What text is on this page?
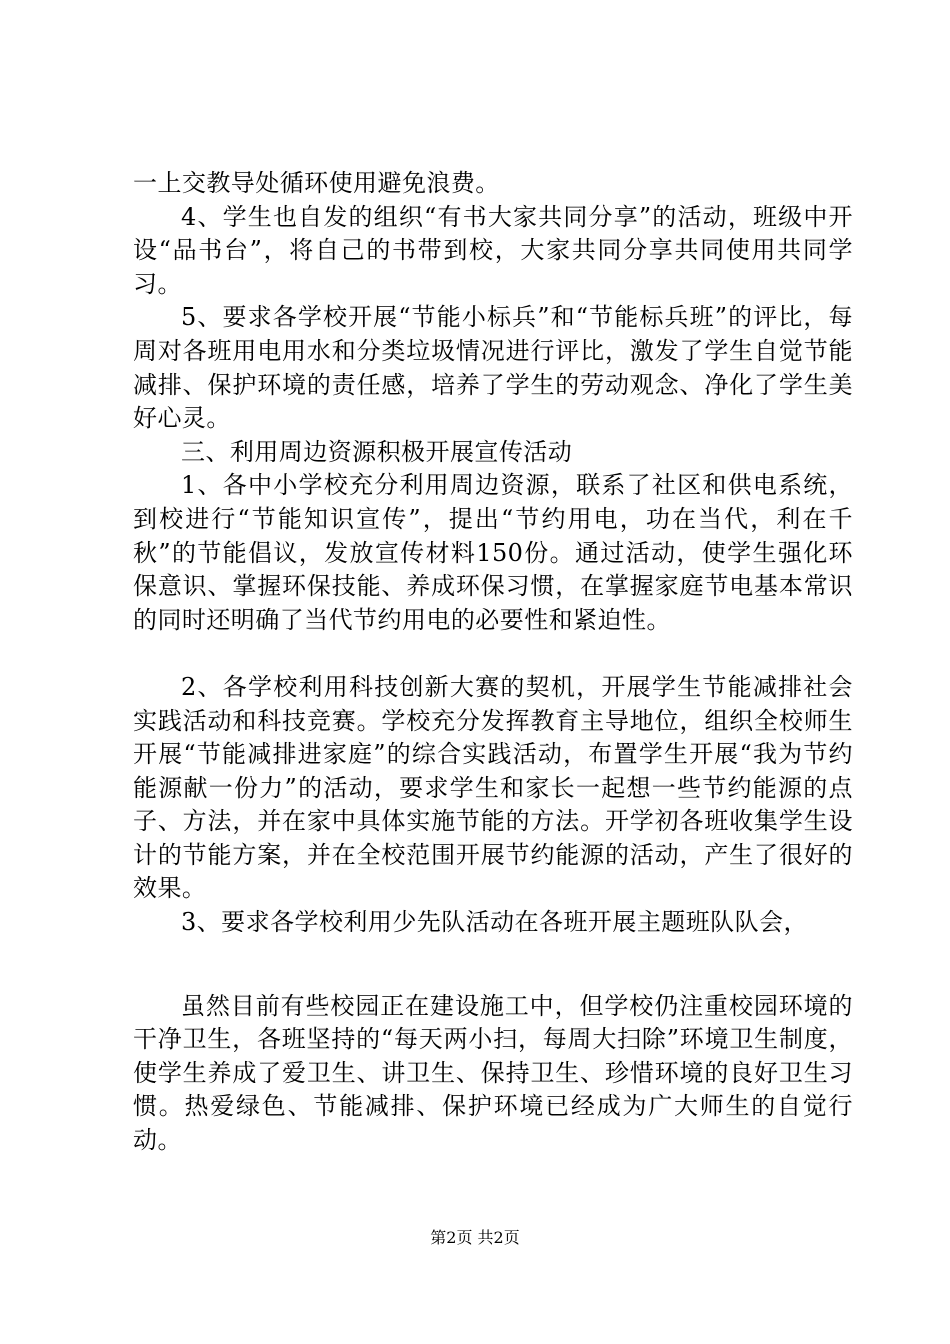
一上交教导处循环使用避免浪费。

4、学生也自发的组织“有书大家共同分享”的活动，班级中开设“品书台”，将自己的书带到校，大家共同分享共同使用共同学习。

5、要求各学校开展“节能小标兵”和“节能标兵班”的评比，每周对各班用电用水和分类垃圾情况进行评比，激发了学生自觉节能减排、保护环境的责任感，培养了学生的劳动观念、净化了学生美好心灵。

三、利用周边资源积极开展宣传活动

1、各中小学校充分利用周边资源，联系了社区和供电系统，到校进行“节能知识宣传”，提出“节约用电，功在当代，利在千秋”的节能倡议，发放宣传材料150份。通过活动，使学生强化环保意识、掌握环保技能、养成环保习惯，在掌握家庭节电基本常识的同时还明确了当代节约用电的必要性和紧迫性。

2、各学校利用科技创新大赛的契机，开展学生节能减排社会实践活动和科技竞赛。学校充分发挥教育主导地位，组织全校师生开展“节能减排进家庭”的综合实践活动，布置学生开展“我为节约能源献一份力”的活动，要求学生和家长一起想一些节约能源的点子、方法，并在家中具体实施节能的方法。开学初各班收集学生设计的节能方案，并在全校范围开展节约能源的活动，产生了很好的效果。

3、要求各学校利用少先队活动在各班开展主题班队队会，

虽然目前有些校园正在建设施工中，但学校仍注重校园环境的干净卫生，各班坚持的“每天两小扫，每周大扫除”环境卫生制度，使学生养成了爱卫生、讲卫生、保持卫生、珍惜环境的良好卫生习惯。热爱绿色、节能减排、保护环境已经成为广大师生的自觉行动。

第2页 共2页
